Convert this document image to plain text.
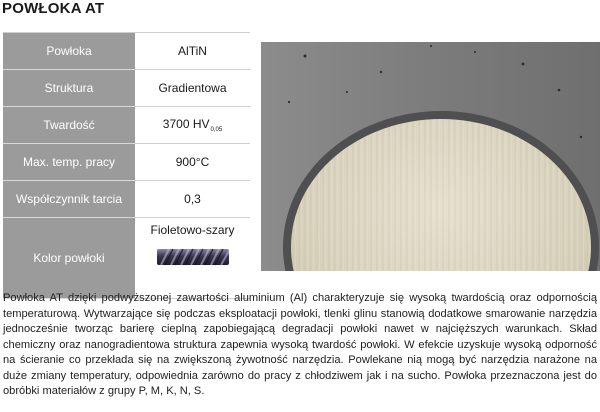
POWŁOKA AT
Powłoka	AlTiN
Struktura	Gradientowa
Twardość	3700 $HV_{0,05}$
Max. temp. pracy	900°C
Współczynnik tarcia	0,3
Kolor powłoki	Fioletowo-szary

Powłoka AT dzięki podwyższonej zawartości aluminium (Al) charakteryzuje się wysoką twardością oraz odpornością temperaturową. Wytwarzające się podczas eksploatacji powłoki, tlenki glinu stanowią dodatkowe smarowanie narzędzia jednocześnie tworząc barierę cieplną zapobiegającą degradacji powłoki nawet w najcięższych warunkach. Skład chemiczny oraz nanogradientowa struktura zapewnia wysoką twardość powłoki. W efekcie uzyskuje wysoką odporność na ścieranie co przekłada się na zwiększoną żywotność narzędzia. Powlekane nią mogą być narzędzia narażone na duże zmiany temperatury, odpowiednia zarówno do pracy z chłodziwem jak i na sucho. Powłoka przeznaczona jest do obróbki materiałów z grupy P, M, K, N, S.
